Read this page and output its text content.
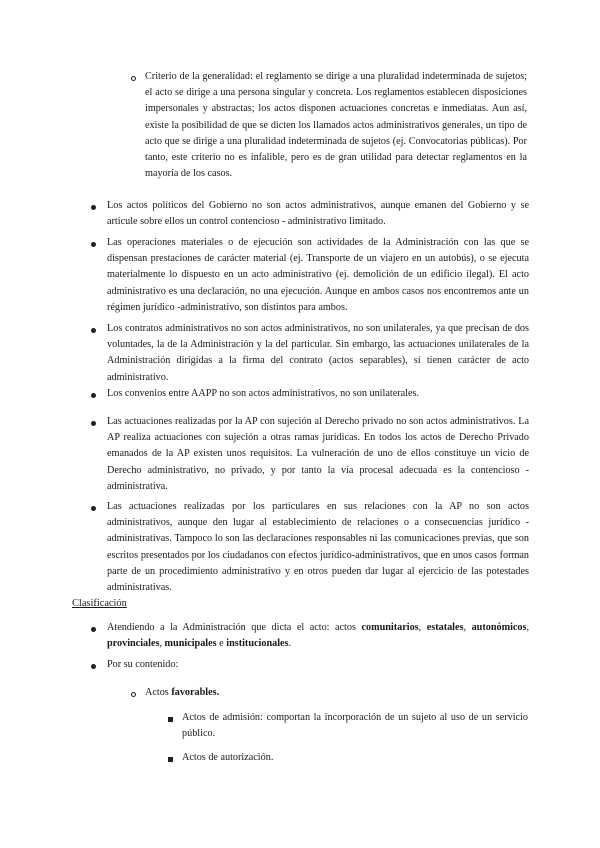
Criterio de la generalidad: el reglamento se dirige a una pluralidad indeterminada de sujetos; el acto se dirige a una persona singular y concreta. Los reglamentos establecen disposiciones impersonales y abstractas; los actos disponen actuaciones concretas e inmediatas. Aun así, existe la posibilidad de que se dicten los llamados actos administrativos generales, un tipo de acto que se dirige a una pluralidad indeterminada de sujetos (ej. Convocatorias públicas). Por tanto, este criterio no es infalible, pero es de gran utilidad para detectar reglamentos en la mayoría de los casos.
Los actos políticos del Gobierno no son actos administrativos, aunque emanen del Gobierno y se articule sobre ellos un control contencioso - administrativo limitado.
Las operaciones materiales o de ejecución son actividades de la Administración con las que se dispensan prestaciones de carácter material (ej. Transporte de un viajero en un autobús), o se ejecuta materialmente lo dispuesto en un acto administrativo (ej. demolición de un edificio ilegal). El acto administrativo es una declaración, no una ejecución. Aunque en ambos casos nos encontremos ante un régimen jurídico -administrativo, son distintos para ambos.
Los contratos administrativos no son actos administrativos, no son unilaterales, ya que precisan de dos voluntades, la de la Administración y la del particular. Sin embargo, las actuaciones unilaterales de la Administración dirigidas a la firma del contrato (actos separables), sí tienen carácter de acto administrativo.
Los convenios entre AAPP no son actos administrativos, no son unilaterales.
Las actuaciones realizadas por la AP con sujeción al Derecho privado no son actos administrativos. La AP realiza actuaciones con sujeción a otras ramas jurídicas. En todos los actos de Derecho Privado emanados de la AP existen unos requisitos. La vulneración de uno de ellos constituye un vicio de Derecho administrativo, no privado, y por tanto la vía procesal adecuada es la contencioso -administrativa.
Las actuaciones realizadas por los particulares en sus relaciones con la AP no son actos administrativos, aunque den lugar al establecimiento de relaciones o a consecuencias jurídico -administrativas. Tampoco lo son las declaraciones responsables ni las comunicaciones previas, que son escritos presentados por los ciudadanos con efectos jurídico-administrativos, que en unos casos forman parte de un procedimiento administrativo y en otros pueden dar lugar al ejercicio de las potestades administrativas.
Clasificación
Atendiendo a la Administración que dicta el acto: actos comunitarios, estatales, autonómicos, provinciales, municipales e institucionales.
Por su contenido:
Actos favorables.
Actos de admisión: comportan la incorporación de un sujeto al uso de un servicio público.
Actos de autorización.
